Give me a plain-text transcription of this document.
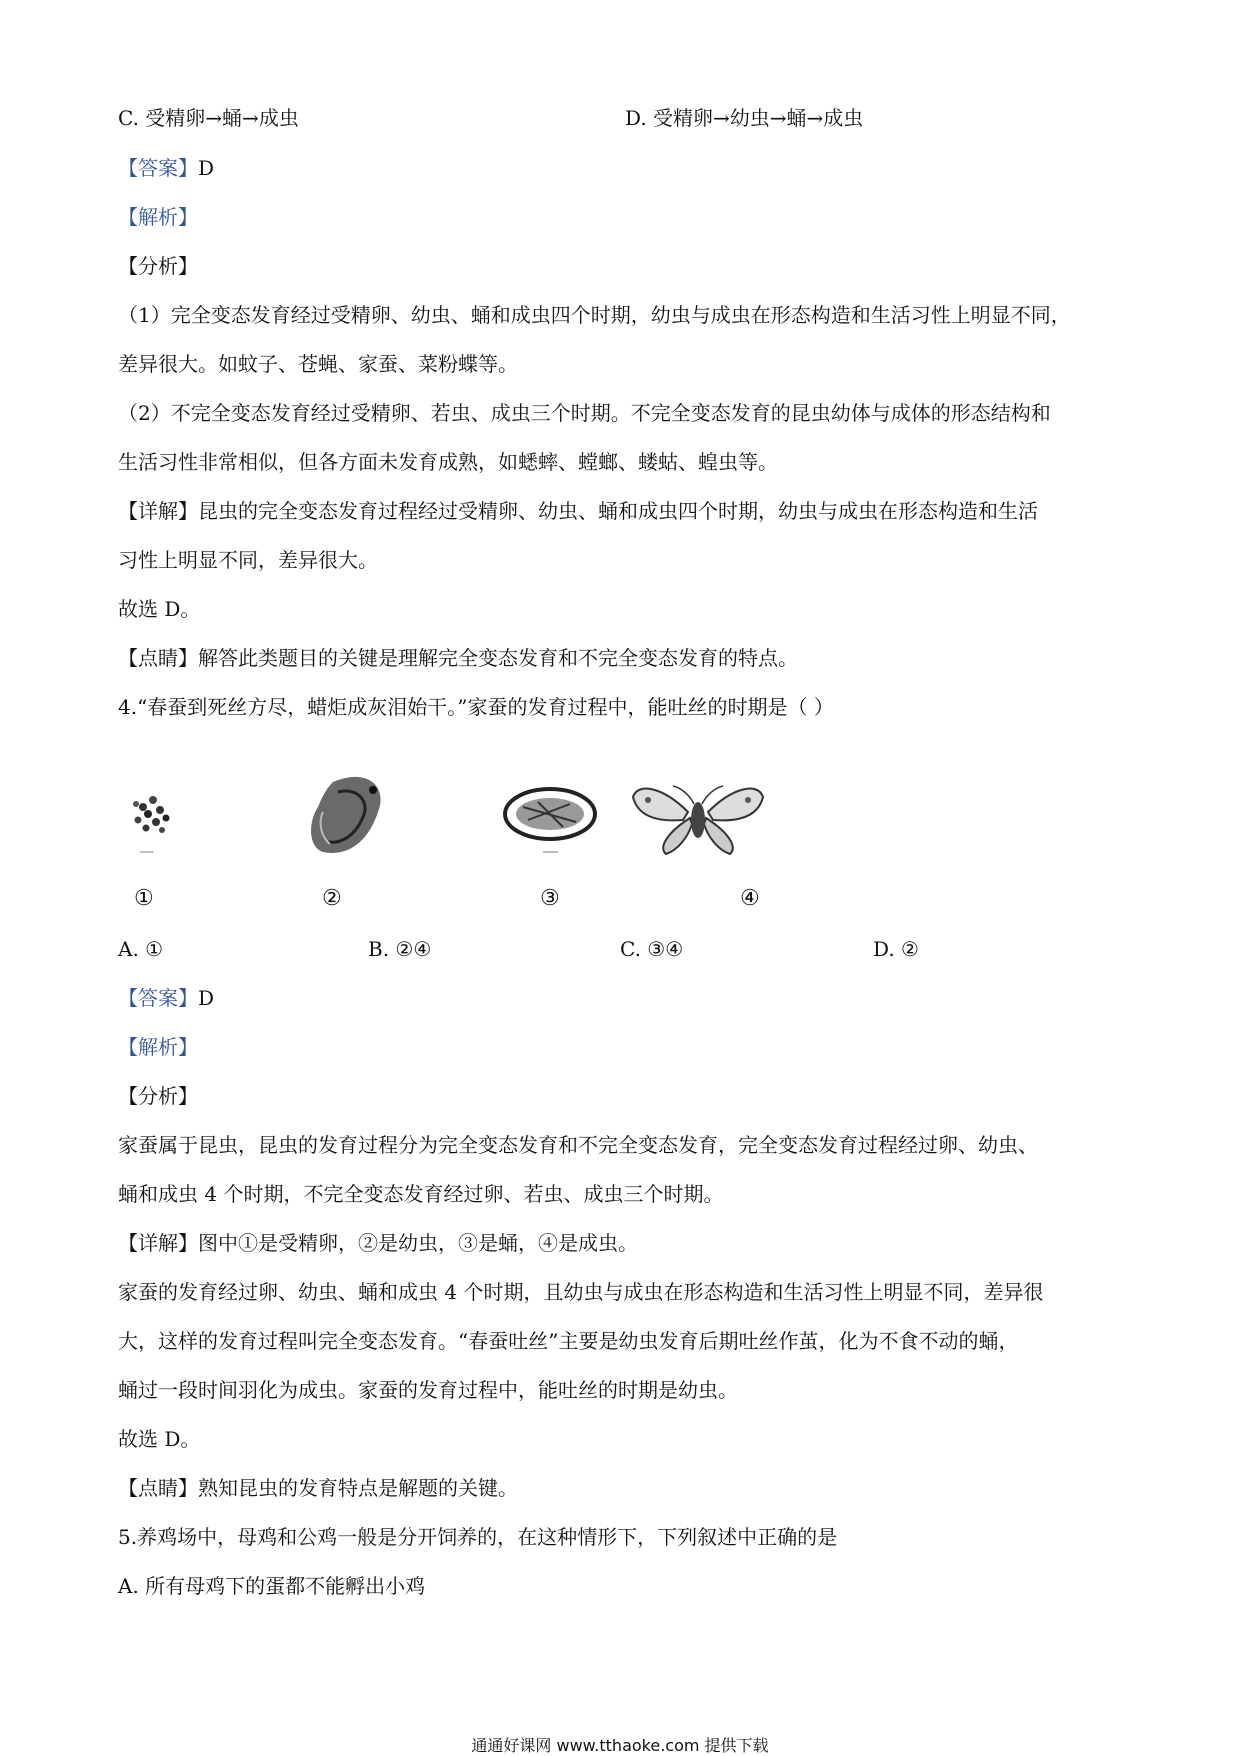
C. 受精卵→蛹→成虫	D. 受精卵→幼虫→蛹→成虫
【答案】D
【解析】
【分析】
（1）完全变态发育经过受精卵、幼虫、蛹和成虫四个时期，幼虫与成虫在形态构造和生活习性上明显不同，
差异很大。如蚊子、苍蝇、家蚕、菜粉蝶等。
（2）不完全变态发育经过受精卵、若虫、成虫三个时期。不完全变态发育的昆虫幼体与成体的形态结构和
生活习性非常相似，但各方面未发育成熟，如蟋蟀、螳螂、蝼蛄、蝗虫等。
【详解】昆虫的完全变态发育过程经过受精卵、幼虫、蛹和成虫四个时期，幼虫与成虫在形态构造和生活
习性上明显不同，差异很大。
故选 D。
【点睛】解答此类题目的关键是理解完全变态发育和不完全变态发育的特点。
4.“春蚕到死丝方尽，蜡炬成灰泪始干。”家蚕的发育过程中，能吐丝的时期是（ ）
①	②	③	④
A. ①	B. ②④	C. ③④	D. ②
【答案】D
【解析】
【分析】
家蚕属于昆虫，昆虫的发育过程分为完全变态发育和不完全变态发育，完全变态发育过程经过卵、幼虫、
蛹和成虫 4 个时期，不完全变态发育经过卵、若虫、成虫三个时期。
【详解】图中①是受精卵，②是幼虫，③是蛹，④是成虫。
家蚕的发育经过卵、幼虫、蛹和成虫 4 个时期，且幼虫与成虫在形态构造和生活习性上明显不同，差异很
大，这样的发育过程叫完全变态发育。“春蚕吐丝”主要是幼虫发育后期吐丝作茧，化为不食不动的蛹，
蛹过一段时间羽化为成虫。家蚕的发育过程中，能吐丝的时期是幼虫。
故选 D。
【点睛】熟知昆虫的发育特点是解题的关键。
5.养鸡场中，母鸡和公鸡一般是分开饲养的，在这种情形下，下列叙述中正确的是
A. 所有母鸡下的蛋都不能孵出小鸡
通通好课网 www.tthaoke.com 提供下载
